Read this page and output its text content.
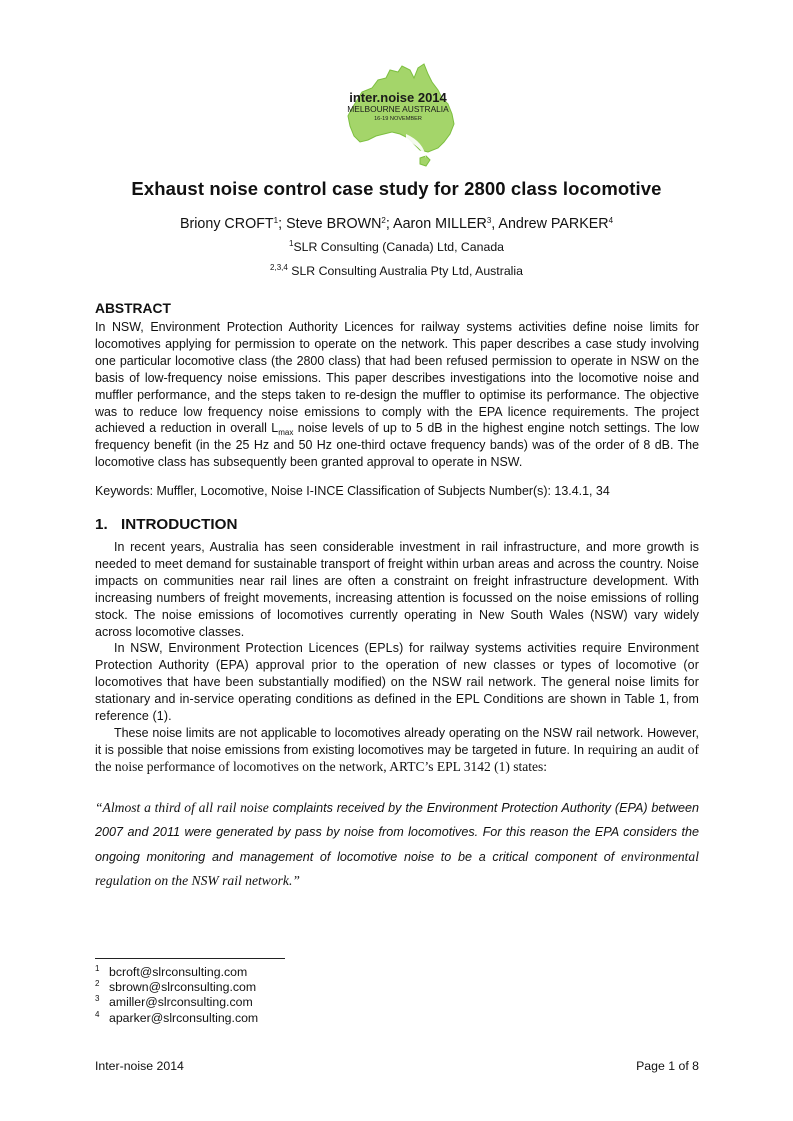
inter.noise 2014
MELBOURNE AUSTRALIA
16-19 NOVEMBER
Exhaust noise control case study for 2800 class locomotive
Briony CROFT$^1$; Steve BROWN$^2$; Aaron MILLER$^3$, Andrew PARKER$^4$
$^1$SLR Consulting (Canada) Ltd, Canada
$^{2,3,4}$ SLR Consulting Australia Pty Ltd, Australia
ABSTRACT
In NSW, Environment Protection Authority Licences for railway systems activities define noise limits for locomotives applying for permission to operate on the network. This paper describes a case study involving one particular locomotive class (the 2800 class) that had been refused permission to operate in NSW on the basis of low-frequency noise emissions. This paper describes investigations into the locomotive noise and muffler performance, and the steps taken to re-design the muffler to optimise its performance. The objective was to reduce low frequency noise emissions to comply with the EPA licence requirements. The project achieved a reduction in overall $L_{max}$ noise levels of up to 5 dB in the highest engine notch settings. The low frequency benefit (in the 25 Hz and 50 Hz one-third octave frequency bands) was of the order of 8 dB. The locomotive class has subsequently been granted approval to operate in NSW.
Keywords: Muffler, Locomotive, Noise I-INCE Classification of Subjects Number(s): 13.4.1, 34
1. INTRODUCTION

In recent years, Australia has seen considerable investment in rail infrastructure, and more growth is needed to meet demand for sustainable transport of freight within urban areas and across the country. Noise impacts on communities near rail lines are often a constraint on freight infrastructure development. With increasing numbers of freight movements, increasing attention is focussed on the noise emissions of rolling stock. The noise emissions of locomotives currently operating in New South Wales (NSW) vary widely across locomotive classes.

In NSW, Environment Protection Licences (EPLs) for railway systems activities require Environment Protection Authority (EPA) approval prior to the operation of new classes or types of locomotive (or locomotives that have been substantially modified) on the NSW rail network. The general noise limits for stationary and in-service operating conditions as defined in the EPL Conditions are shown in Table 1, from reference (1).

These noise limits are not applicable to locomotives already operating on the NSW rail network. However, it is possible that noise emissions from existing locomotives may be targeted in future. In requiring an audit of the noise performance of locomotives on the network, ARTC’s EPL 3142 (1) states:

“Almost a third of all rail noise complaints received by the Environment Protection Authority (EPA) between 2007 and 2011 were generated by pass by noise from locomotives. For this reason the EPA considers the ongoing monitoring and management of locomotive noise to be a critical component of environmental regulation on the NSW rail network.”
$^1$ bcroft@slrconsulting.com
$^2$ sbrown@slrconsulting.com
$^3$ amiller@slrconsulting.com
$^4$ aparker@slrconsulting.com
Inter-noise 2014	Page 1 of 8
